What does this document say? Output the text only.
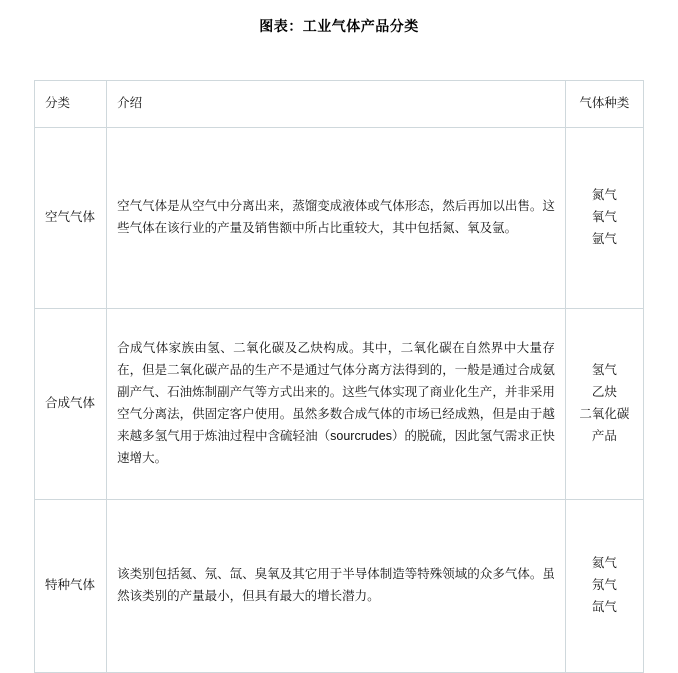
图表：工业气体产品分类
分类	介绍	气体种类
空气气体	空气气体是从空气中分离出来，蒸馏变成液体或气体形态，然后再加以出售。这些气体在该行业的产量及销售额中所占比重较大，其中包括氮、氧及氩。	氮气
氧气
氩气

合成气体	合成气体家族由氢、二氧化碳及乙炔构成。其中，二氧化碳在自然界中大量存在，但是二氧化碳产品的生产不是通过气体分离方法得到的，一般是通过合成氨副产气、石油炼制副产气等方式出来的。这些气体实现了商业化生产，并非采用空气分离法，供固定客户使用。虽然多数合成气体的市场已经成熟，但是由于越来越多氢气用于炼油过程中含硫轻油（sourcrudes）的脱硫，因此氢气需求正快速增大。	氢气
乙炔
二氧化碳产品

特种气体	该类别包括氦、氖、氙、臭氧及其它用于半导体制造等特殊领域的众多气体。虽然该类别的产量最小，但具有最大的增长潜力。	氦气
氖气
氙气
